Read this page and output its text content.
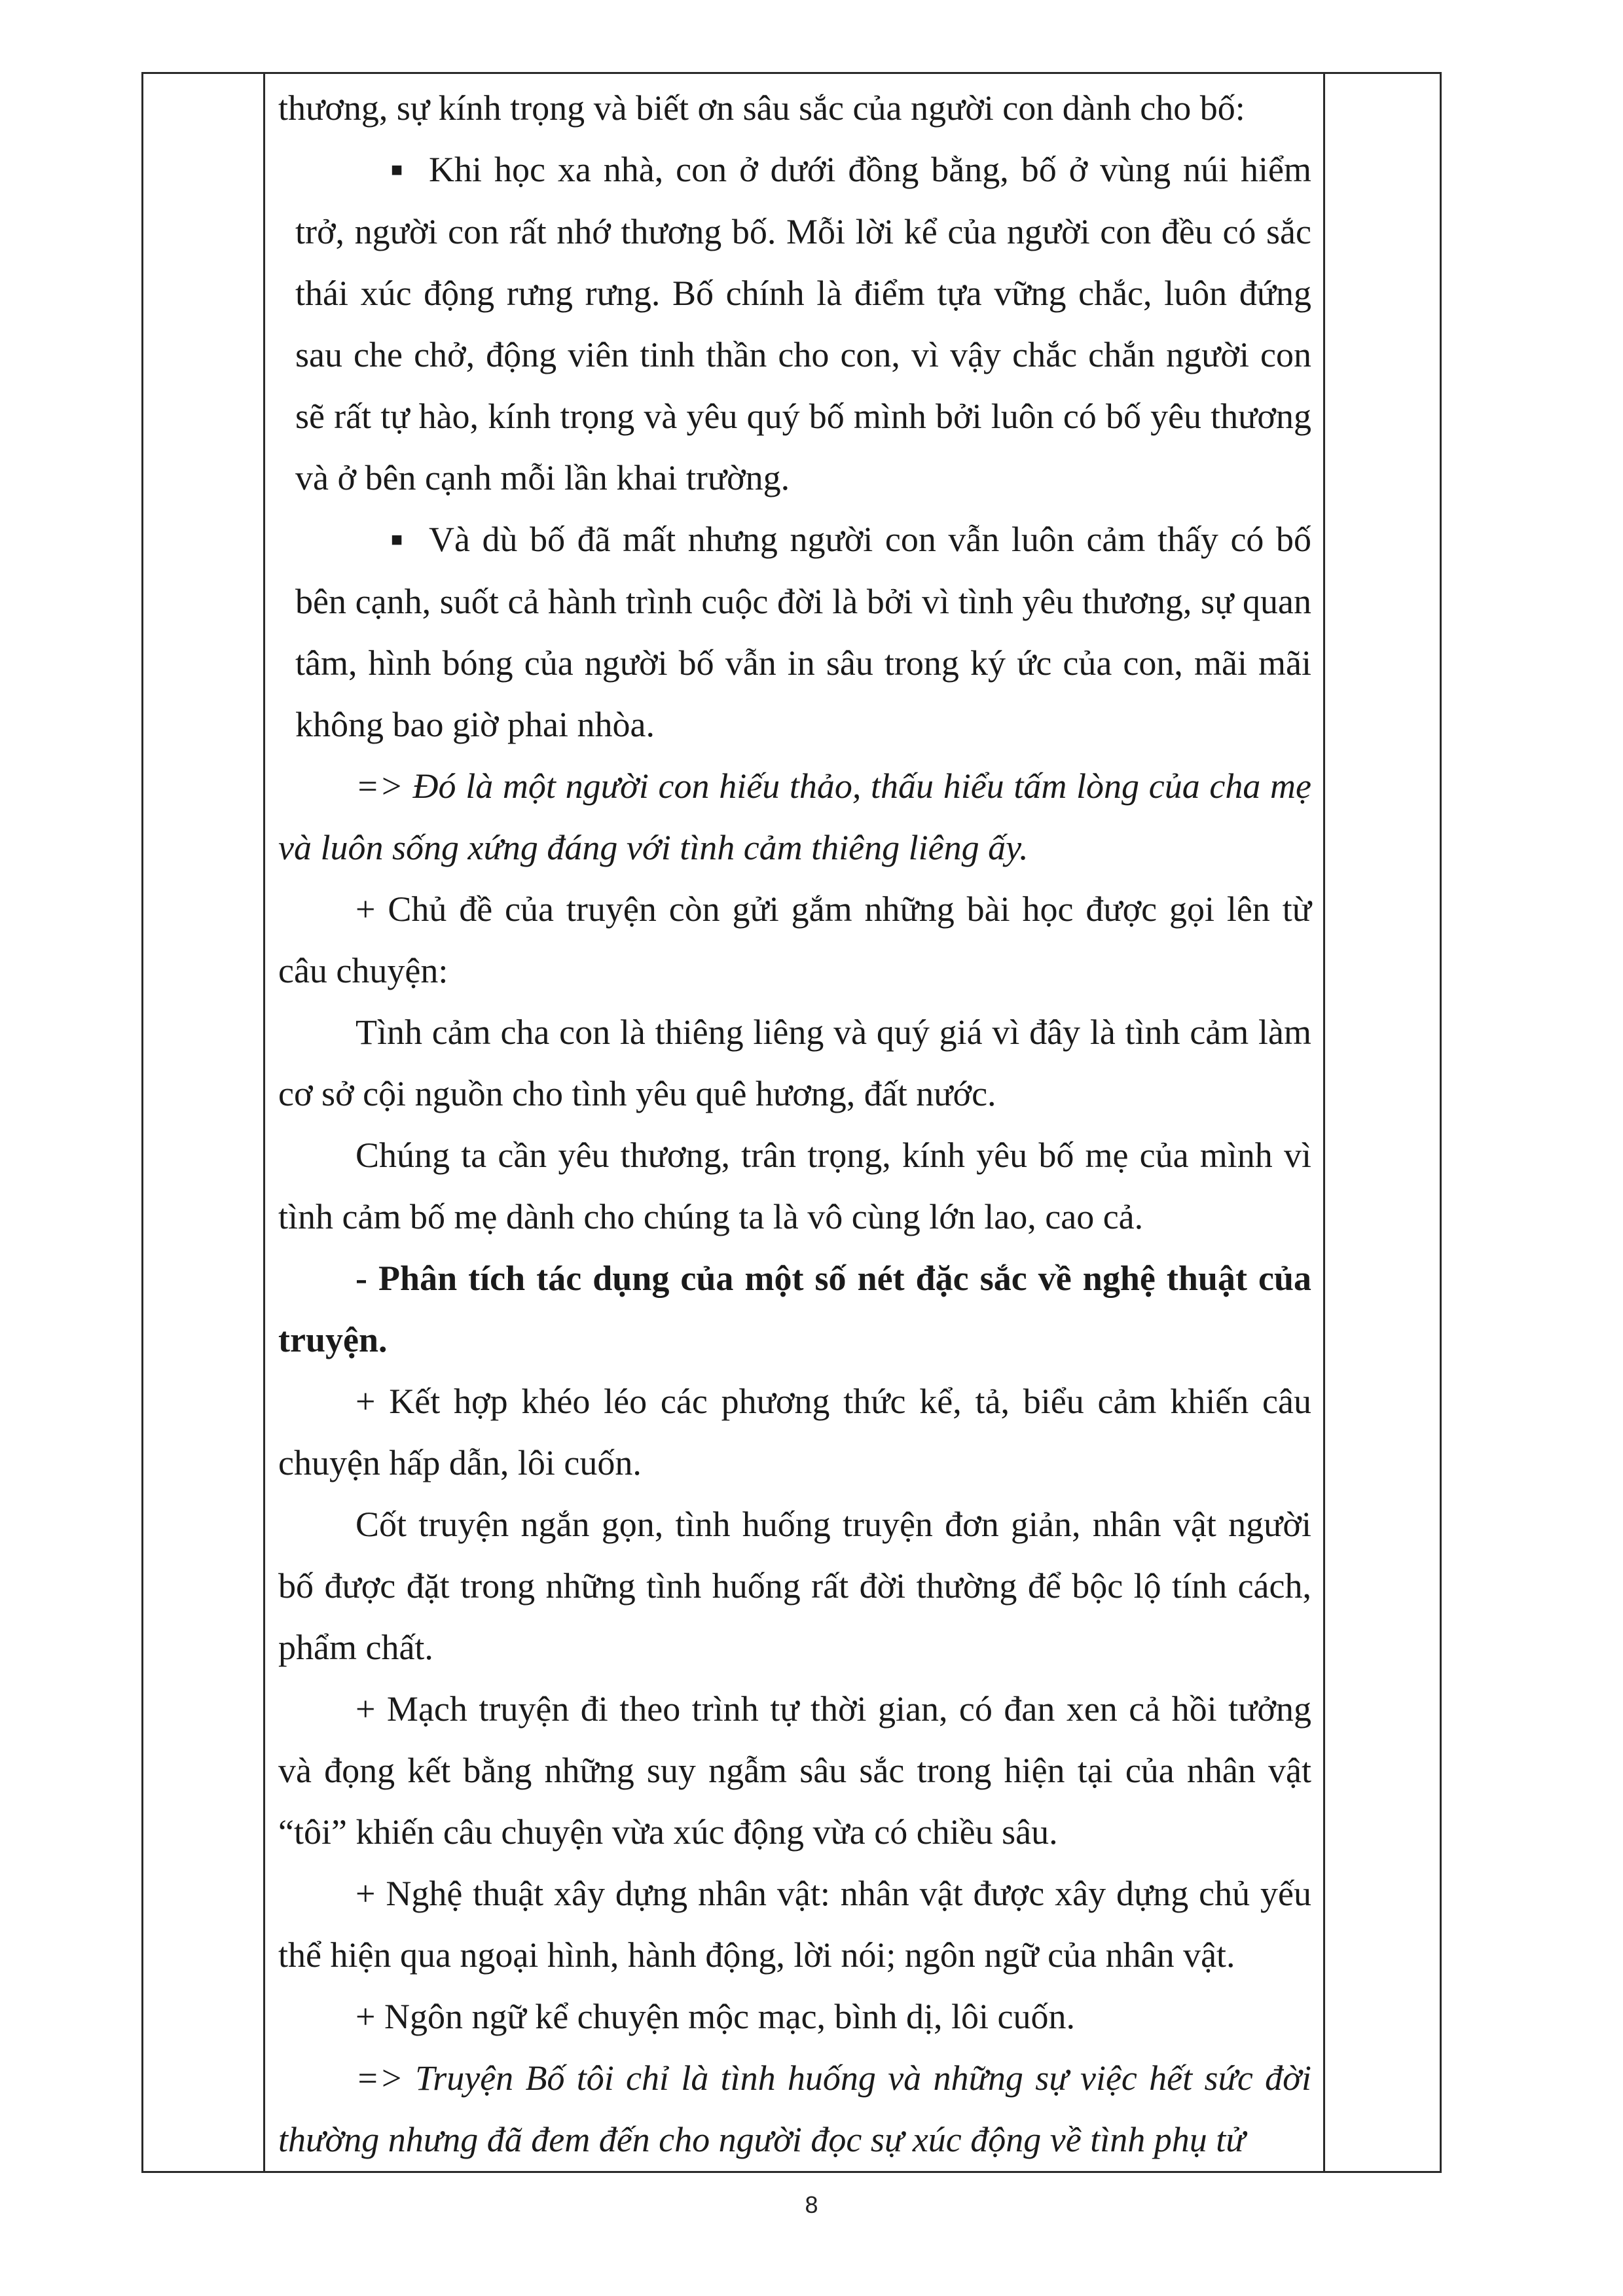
thương, sự kính trọng và biết ơn sâu sắc của người con dành cho bố:

■ Khi học xa nhà, con ở dưới đồng bằng, bố ở vùng núi hiểm trở, người con rất nhớ thương bố. Mỗi lời kể của người con đều có sắc thái xúc động rưng rưng. Bố chính là điểm tựa vững chắc, luôn đứng sau che chở, động viên tinh thần cho con, vì vậy chắc chắn người con sẽ rất tự hào, kính trọng và yêu quý bố mình bởi luôn có bố yêu thương và ở bên cạnh mỗi lần khai trường.

■ Và dù bố đã mất nhưng người con vẫn luôn cảm thấy có bố bên cạnh, suốt cả hành trình cuộc đời là bởi vì tình yêu thương, sự quan tâm, hình bóng của người bố vẫn in sâu trong ký ức của con, mãi mãi không bao giờ phai nhòa.

=> Đó là một người con hiếu thảo, thấu hiểu tấm lòng của cha mẹ và luôn sống xứng đáng với tình cảm thiêng liêng ấy.

+ Chủ đề của truyện còn gửi gắm những bài học được gọi lên từ câu chuyện:

Tình cảm cha con là thiêng liêng và quý giá vì đây là tình cảm làm cơ sở cội nguồn cho tình yêu quê hương, đất nước.

Chúng ta cần yêu thương, trân trọng, kính yêu bố mẹ của mình vì tình cảm bố mẹ dành cho chúng ta là vô cùng lớn lao, cao cả.

- Phân tích tác dụng của một số nét đặc sắc về nghệ thuật của truyện.

+ Kết hợp khéo léo các phương thức kể, tả, biểu cảm khiến câu chuyện hấp dẫn, lôi cuốn.

Cốt truyện ngắn gọn, tình huống truyện đơn giản, nhân vật người bố được đặt trong những tình huống rất đời thường để bộc lộ tính cách, phẩm chất.

+ Mạch truyện đi theo trình tự thời gian, có đan xen cả hồi tưởng và đọng kết bằng những suy ngẫm sâu sắc trong hiện tại của nhân vật “tôi” khiến câu chuyện vừa xúc động vừa có chiều sâu.

+ Nghệ thuật xây dựng nhân vật: nhân vật được xây dựng chủ yếu thể hiện qua ngoại hình, hành động, lời nói; ngôn ngữ của nhân vật.

+ Ngôn ngữ kể chuyện mộc mạc, bình dị, lôi cuốn.

=> Truyện Bố tôi chỉ là tình huống và những sự việc hết sức đời thường nhưng đã đem đến cho người đọc sự xúc động về tình phụ tử

8
